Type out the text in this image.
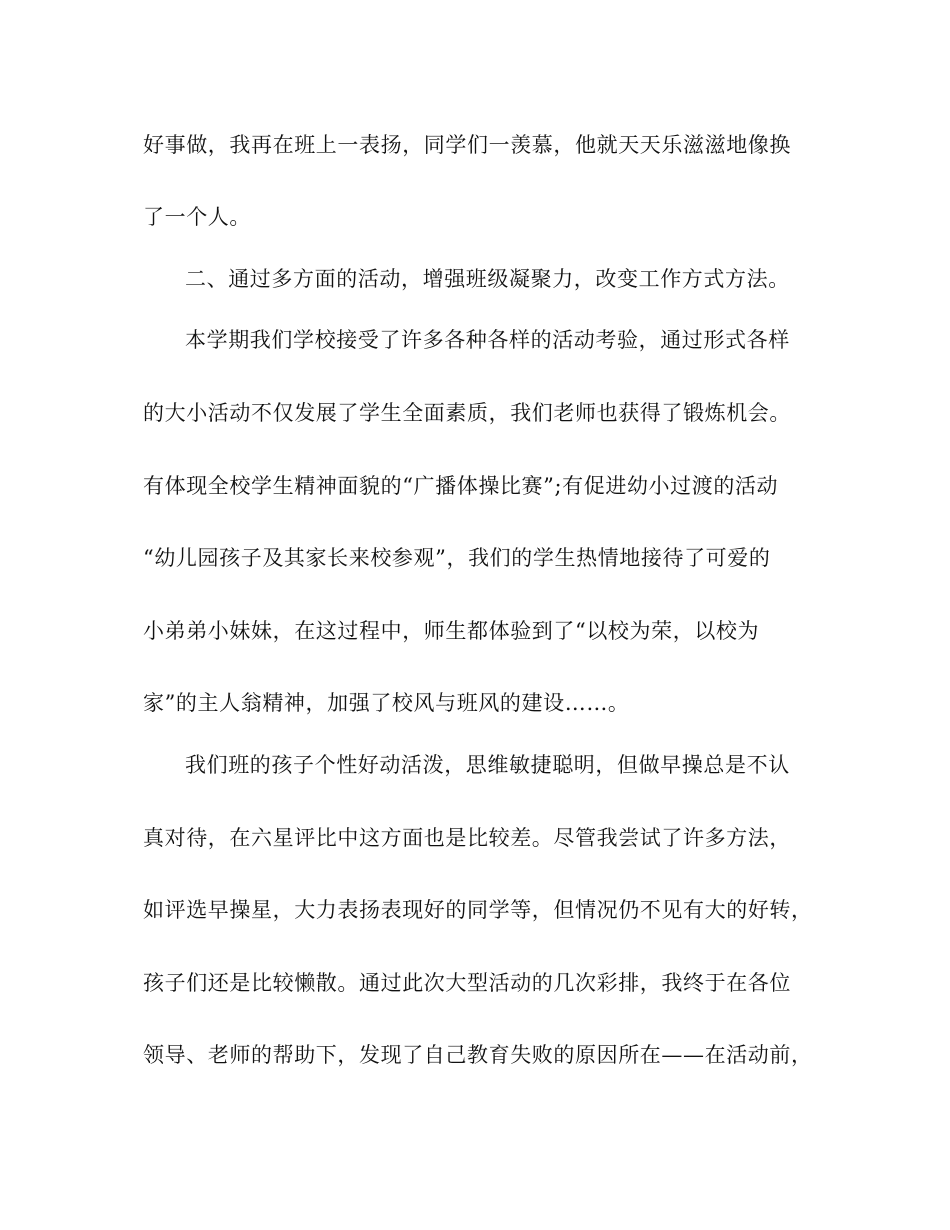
好事做，我再在班上一表扬，同学们一羡慕，他就天天乐滋滋地像换
了一个人。
二、通过多方面的活动，增强班级凝聚力，改变工作方式方法。
本学期我们学校接受了许多各种各样的活动考验，通过形式各样
的大小活动不仅发展了学生全面素质，我们老师也获得了锻炼机会。
有体现全校学生精神面貌的“广播体操比赛”;有促进幼小过渡的活动
“幼儿园孩子及其家长来校参观”，我们的学生热情地接待了可爱的
小弟弟小妹妹，在这过程中，师生都体验到了“以校为荣，以校为
家”的主人翁精神，加强了校风与班风的建设……。
我们班的孩子个性好动活泼，思维敏捷聪明，但做早操总是不认
真对待，在六星评比中这方面也是比较差。尽管我尝试了许多方法，
如评选早操星，大力表扬表现好的同学等，但情况仍不见有大的好转，
孩子们还是比较懒散。通过此次大型活动的几次彩排，我终于在各位
领导、老师的帮助下，发现了自己教育失败的原因所在——在活动前，
